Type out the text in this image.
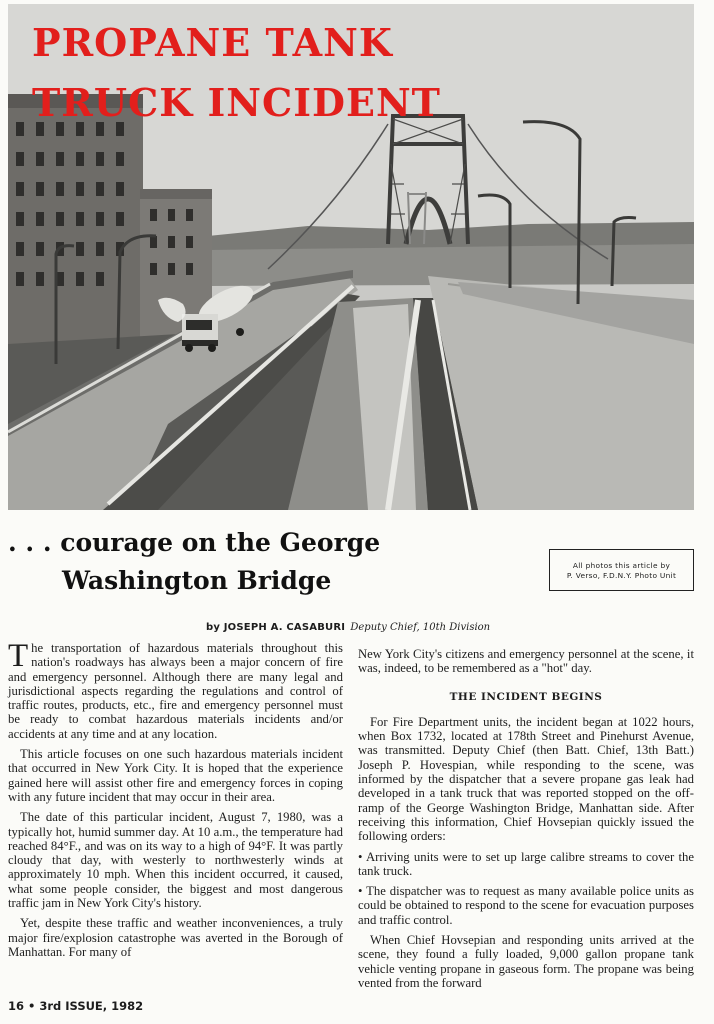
PROPANE TANK
TRUCK INCIDENT
. . . courage on the George
Washington Bridge
All photos this article by
P. Verso, F.D.N.Y. Photo Unit
by JOSEPH A. CASABURI Deputy Chief, 10th Division

The transportation of hazardous materials throughout this nation's roadways has always been a major concern of fire and emergency personnel. Although there are many legal and jurisdictional aspects regarding the regulations and control of traffic routes, products, etc., fire and emergency personnel must be ready to combat hazardous materials incidents and/or accidents at any time and at any location.

This article focuses on one such hazardous materials incident that occurred in New York City. It is hoped that the experience gained here will assist other fire and emergency forces in coping with any future incident that may occur in their area.

The date of this particular incident, August 7, 1980, was a typically hot, humid summer day. At 10 a.m., the temperature had reached 84°F., and was on its way to a high of 94°F. It was partly cloudy that day, with westerly to northwesterly winds at approximately 10 mph. When this incident occurred, it caused, what some people consider, the biggest and most dangerous traffic jam in New York City's history.

Yet, despite these traffic and weather inconveniences, a truly major fire/explosion catastrophe was averted in the Borough of Manhattan. For many of

New York City's citizens and emergency personnel at the scene, it was, indeed, to be remembered as a "hot" day.

THE INCIDENT BEGINS

For Fire Department units, the incident began at 1022 hours, when Box 1732, located at 178th Street and Pinehurst Avenue, was transmitted. Deputy Chief (then Batt. Chief, 13th Batt.) Joseph P. Hovespian, while responding to the scene, was informed by the dispatcher that a severe propane gas leak had developed in a tank truck that was reported stopped on the off-ramp of the George Washington Bridge, Manhattan side. After receiving this information, Chief Hovsepian quickly issued the following orders:

• Arriving units were to set up large calibre streams to cover the tank truck.

• The dispatcher was to request as many available police units as could be obtained to respond to the scene for evacuation purposes and traffic control.

When Chief Hovsepian and responding units arrived at the scene, they found a fully loaded, 9,000 gallon propane tank vehicle venting propane in gaseous form. The propane was being vented from the forward

16 • 3rd ISSUE, 1982
